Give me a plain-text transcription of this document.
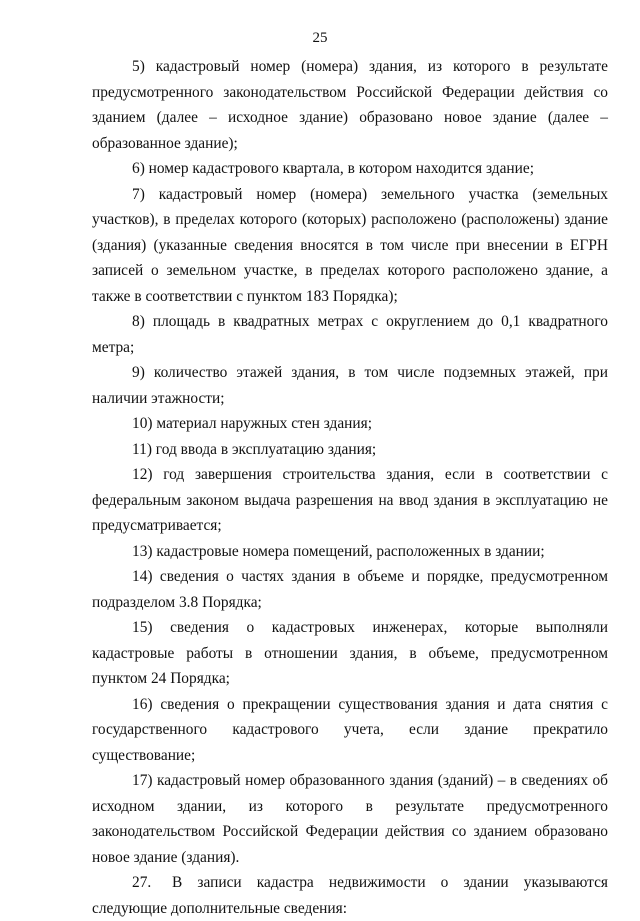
25

5) кадастровый номер (номера) здания, из которого в результате предусмотренного законодательством Российской Федерации действия со зданием (далее – исходное здание) образовано новое здание (далее – образованное здание);

6) номер кадастрового квартала, в котором находится здание;

7) кадастровый номер (номера) земельного участка (земельных участков), в пределах которого (которых) расположено (расположены) здание (здания) (указанные сведения вносятся в том числе при внесении в ЕГРН записей о земельном участке, в пределах которого расположено здание, а также в соответствии с пунктом 183 Порядка);

8) площадь в квадратных метрах с округлением до 0,1 квадратного метра;

9) количество этажей здания, в том числе подземных этажей, при наличии этажности;

10) материал наружных стен здания;

11) год ввода в эксплуатацию здания;

12) год завершения строительства здания, если в соответствии с федеральным законом выдача разрешения на ввод здания в эксплуатацию не предусматривается;

13) кадастровые номера помещений, расположенных в здании;

14) сведения о частях здания в объеме и порядке, предусмотренном подразделом 3.8 Порядка;

15) сведения о кадастровых инженерах, которые выполняли кадастровые работы в отношении здания, в объеме, предусмотренном пунктом 24 Порядка;

16) сведения о прекращении существования здания и дата снятия с государственного кадастрового учета, если здание прекратило существование;

17) кадастровый номер образованного здания (зданий) – в сведениях об исходном здании, из которого в результате предусмотренного законодательством Российской Федерации действия со зданием образовано новое здание (здания).

27. В записи кадастра недвижимости о здании указываются следующие дополнительные сведения:
